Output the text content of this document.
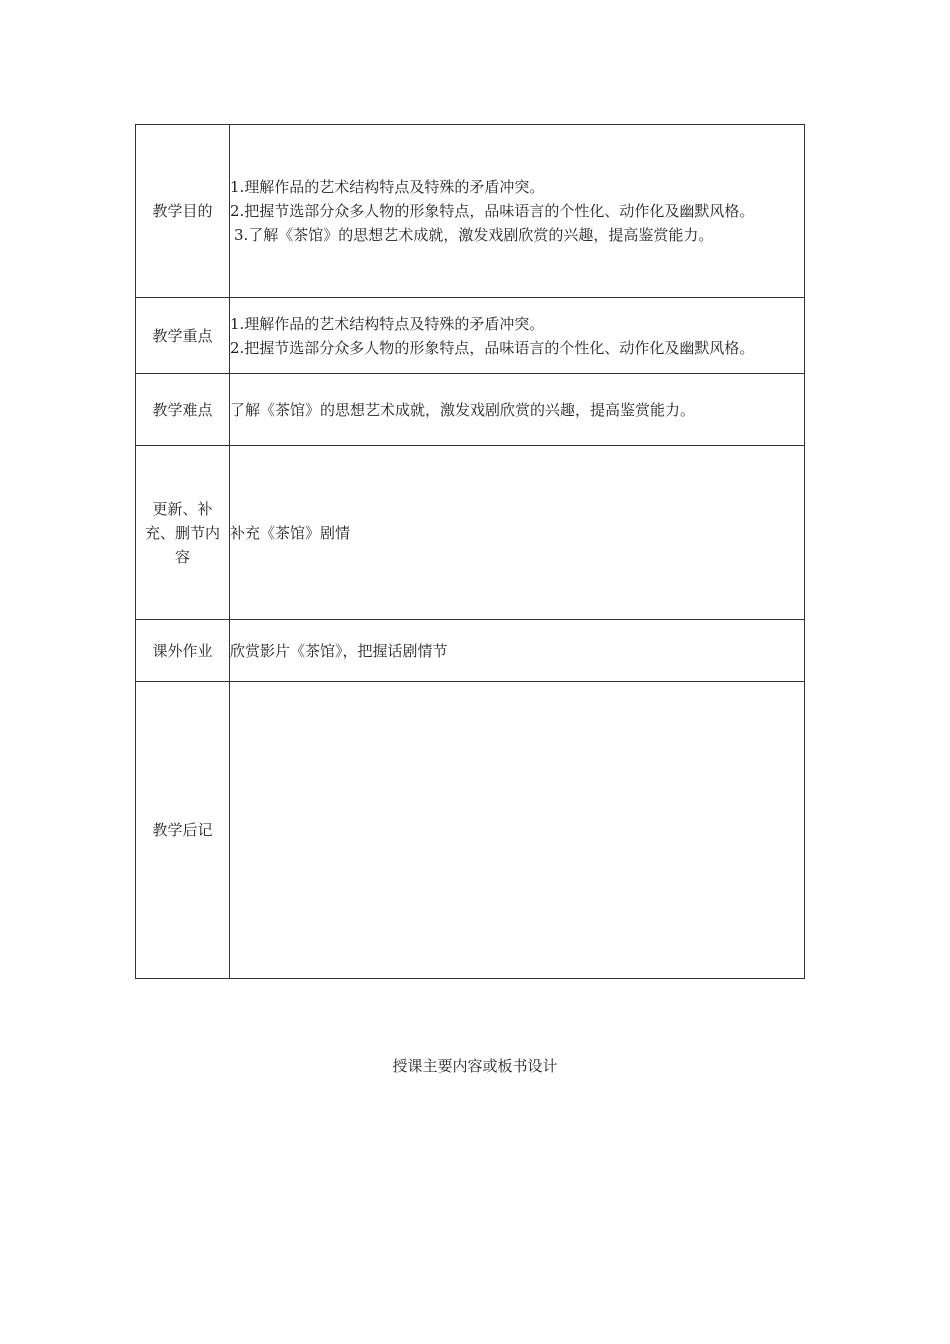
教学目的	1.理解作品的艺术结构特点及特殊的矛盾冲突。
2.把握节选部分众多人物的形象特点，品味语言的个性化、动作化及幽默风格。
3.了解《茶馆》的思想艺术成就，激发戏剧欣赏的兴趣，提高鉴赏能力。

教学重点	1.理解作品的艺术结构特点及特殊的矛盾冲突。
2.把握节选部分众多人物的形象特点，品味语言的个性化、动作化及幽默风格。

教学难点	了解《茶馆》的思想艺术成就，激发戏剧欣赏的兴趣，提高鉴赏能力。

更新、补充、删节内容	补充《茶馆》剧情

课外作业	欣赏影片《茶馆》，把握话剧情节

教学后记	

授课主要内容或板书设计
